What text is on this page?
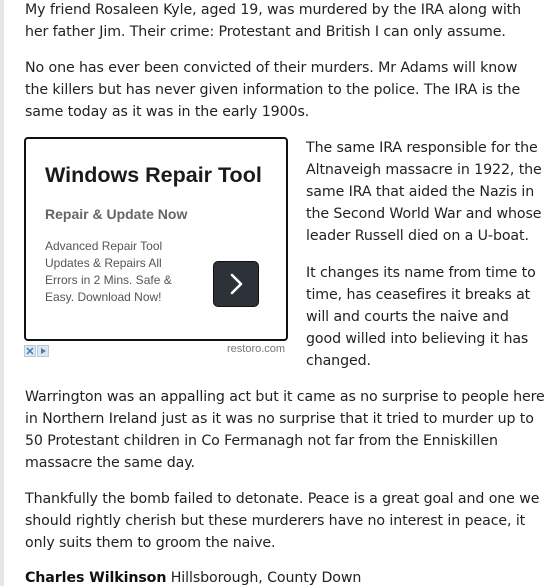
My friend Rosaleen Kyle, aged 19, was murdered by the IRA along with her father Jim. Their crime: Protestant and British I can only assume.

No one has ever been convicted of their murders. Mr Adams will know the killers but has never given information to the police. The IRA is the same today as it was in the early 1900s.

Windows Repair Tool
Repair & Update Now
Advanced Repair Tool Updates & Repairs All Errors in 2 Mins. Safe & Easy. Download Now!
restoro.com

The same IRA responsible for the Altnaveigh massacre in 1922, the same IRA that aided the Nazis in the Second World War and whose leader Russell died on a U-boat.

It changes its name from time to time, has ceasefires it breaks at will and courts the naive and good willed into believing it has changed.

Warrington was an appalling act but it came as no surprise to people here in Northern Ireland just as it was no surprise that it tried to murder up to 50 Protestant children in Co Fermanagh not far from the Enniskillen massacre the same day.

Thankfully the bomb failed to detonate. Peace is a great goal and one we should rightly cherish but these murderers have no interest in peace, it only suits them to groom the naive.

Charles Wilkinson Hillsborough, County Down
